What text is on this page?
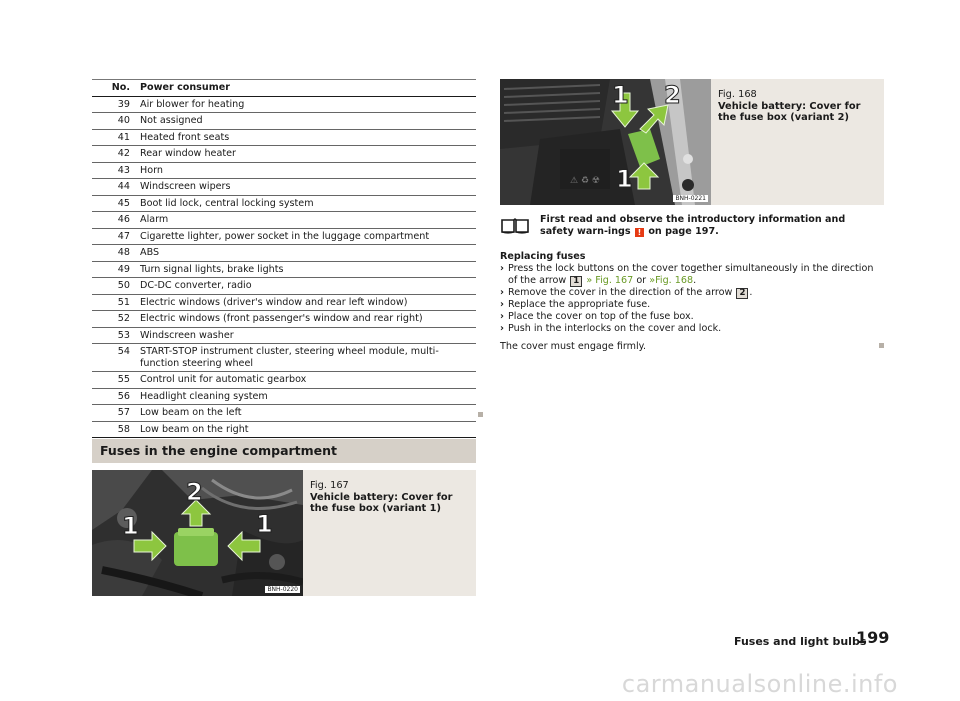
No.	Power consumer
39	Air blower for heating
40	Not assigned
41	Heated front seats
42	Rear window heater
43	Horn
44	Windscreen wipers
45	Boot lid lock, central locking system
46	Alarm
47	Cigarette lighter, power socket in the luggage compartment
48	ABS
49	Turn signal lights, brake lights
50	DC-DC converter, radio
51	Electric windows (driver's window and rear left window)
52	Electric windows (front passenger's window and rear right)
53	Windscreen washer
54	START-STOP instrument cluster, steering wheel module, multi-function steering wheel
55	Control unit for automatic gearbox
56	Headlight cleaning system
57	Low beam on the left
58	Low beam on the right
Fuses in the engine compartment
1
2
1
BNH-0220
Fig. 167
Vehicle battery: Cover for the fuse box (variant 1)
⚠ ♻ ☢
1 2
1
BNH-0221
Fig. 168
Vehicle battery: Cover for the fuse box (variant 2)
First read and observe the introductory information and safety warn-ings ! on page 197.
Replacing fuses
› Press the lock buttons on the cover together simultaneously in the direction of the arrow 1 » Fig. 167 or »Fig. 168.
› Remove the cover in the direction of the arrow 2 .
› Replace the appropriate fuse.
› Place the cover on top of the fuse box.
› Push in the interlocks on the cover and lock.
The cover must engage firmly.
Fuses and light bulbs
199
carmanualsonline.info
